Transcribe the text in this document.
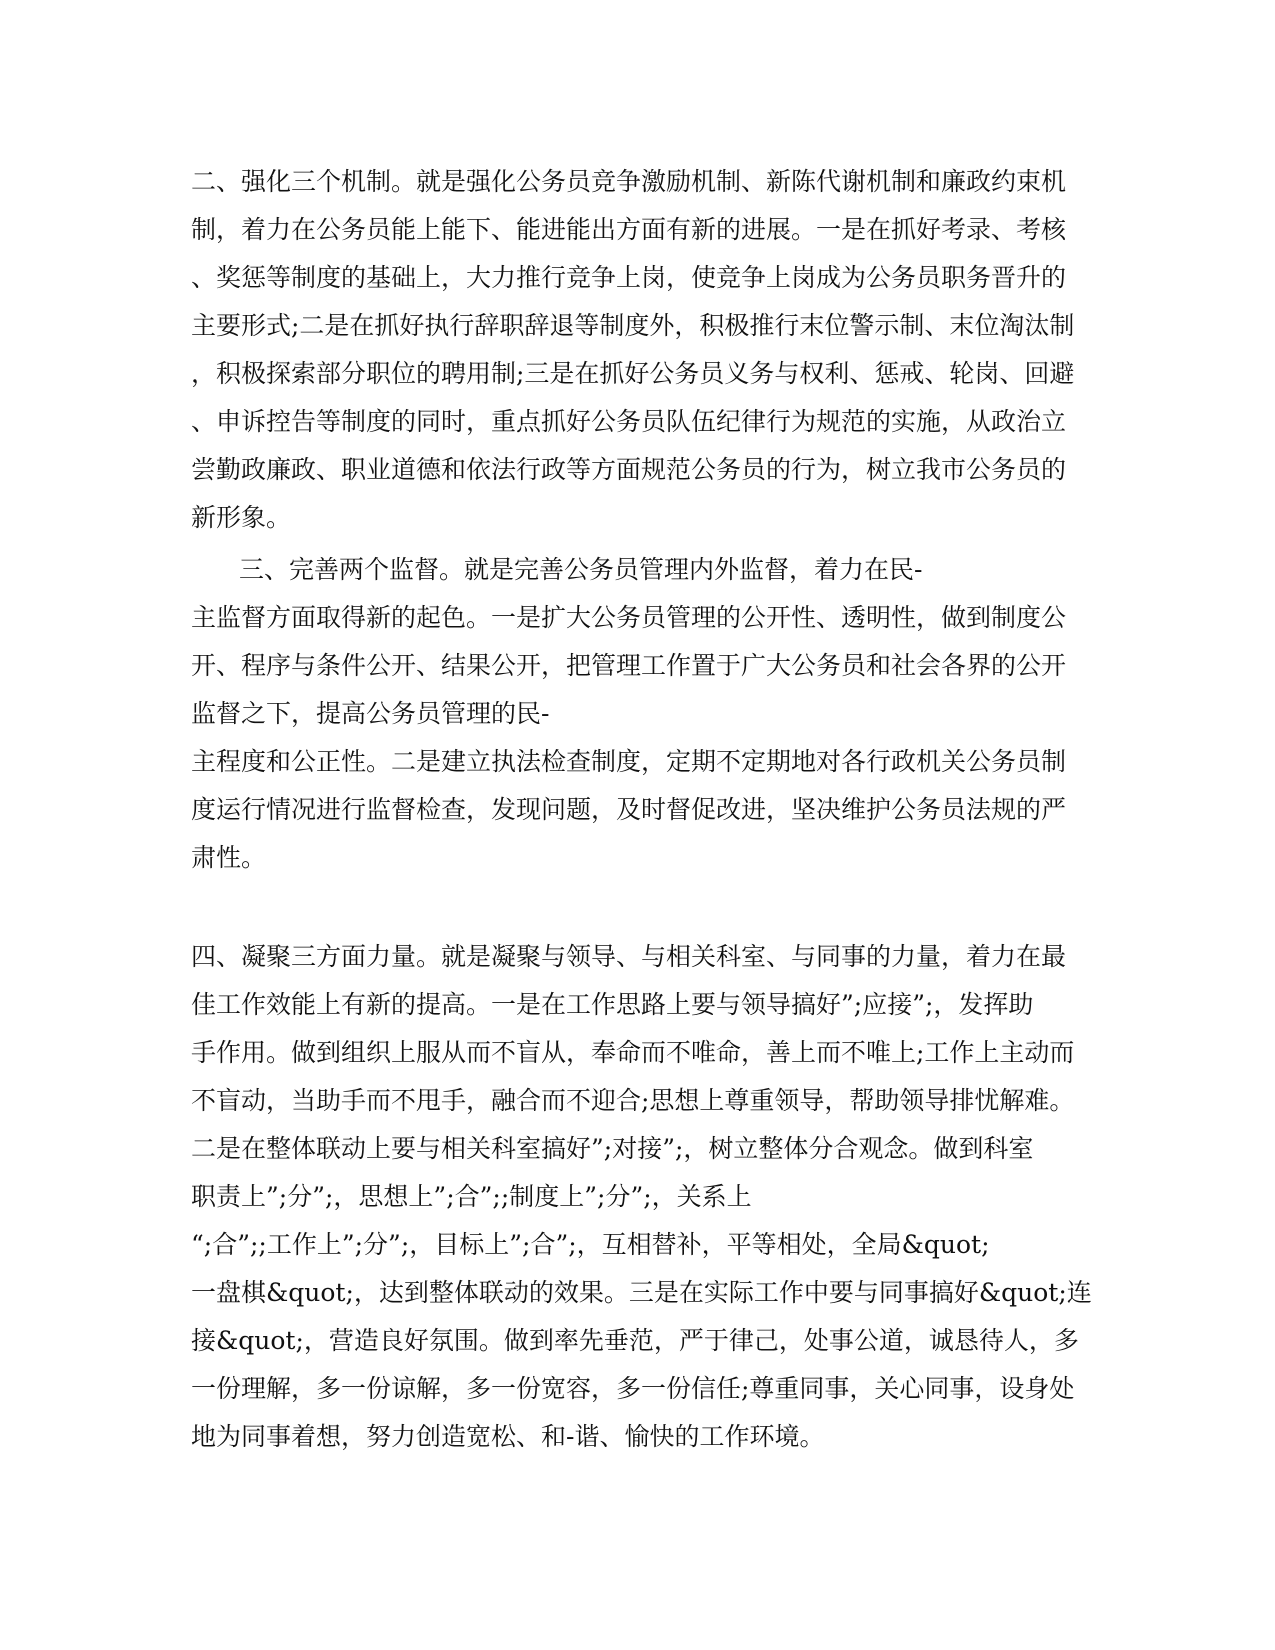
二、强化三个机制。就是强化公务员竞争激励机制、新陈代谢机制和廉政约束机
制，着力在公务员能上能下、能进能出方面有新的进展。一是在抓好考录、考核
、奖惩等制度的基础上，大力推行竞争上岗，使竞争上岗成为公务员职务晋升的
主要形式;二是在抓好执行辞职辞退等制度外，积极推行末位警示制、末位淘汰制
，积极探索部分职位的聘用制;三是在抓好公务员义务与权利、惩戒、轮岗、回避
、申诉控告等制度的同时，重点抓好公务员队伍纪律行为规范的实施，从政治立
尝勤政廉政、职业道德和依法行政等方面规范公务员的行为，树立我市公务员的
新形象。
三、完善两个监督。就是完善公务员管理内外监督，着力在民-
主监督方面取得新的起色。一是扩大公务员管理的公开性、透明性，做到制度公
开、程序与条件公开、结果公开，把管理工作置于广大公务员和社会各界的公开
监督之下，提高公务员管理的民-
主程度和公正性。二是建立执法检查制度，定期不定期地对各行政机关公务员制
度运行情况进行监督检查，发现问题，及时督促改进，坚决维护公务员法规的严
肃性。
四、凝聚三方面力量。就是凝聚与领导、与相关科室、与同事的力量，着力在最
佳工作效能上有新的提高。一是在工作思路上要与领导搞好”;应接”;，发挥助
手作用。做到组织上服从而不盲从，奉命而不唯命，善上而不唯上;工作上主动而
不盲动，当助手而不甩手，融合而不迎合;思想上尊重领导，帮助领导排忧解难。
二是在整体联动上要与相关科室搞好”;对接”;，树立整体分合观念。做到科室
职责上”;分”;，思想上”;合”;;制度上”;分”;，关系上
“;合”;;工作上”;分”;，目标上”;合”;，互相替补，平等相处，全局&quot;
一盘棋&quot;，达到整体联动的效果。三是在实际工作中要与同事搞好&quot;连
接&quot;，营造良好氛围。做到率先垂范，严于律己，处事公道，诚恳待人，多
一份理解，多一份谅解，多一份宽容，多一份信任;尊重同事，关心同事，设身处
地为同事着想，努力创造宽松、和-谐、愉快的工作环境。
